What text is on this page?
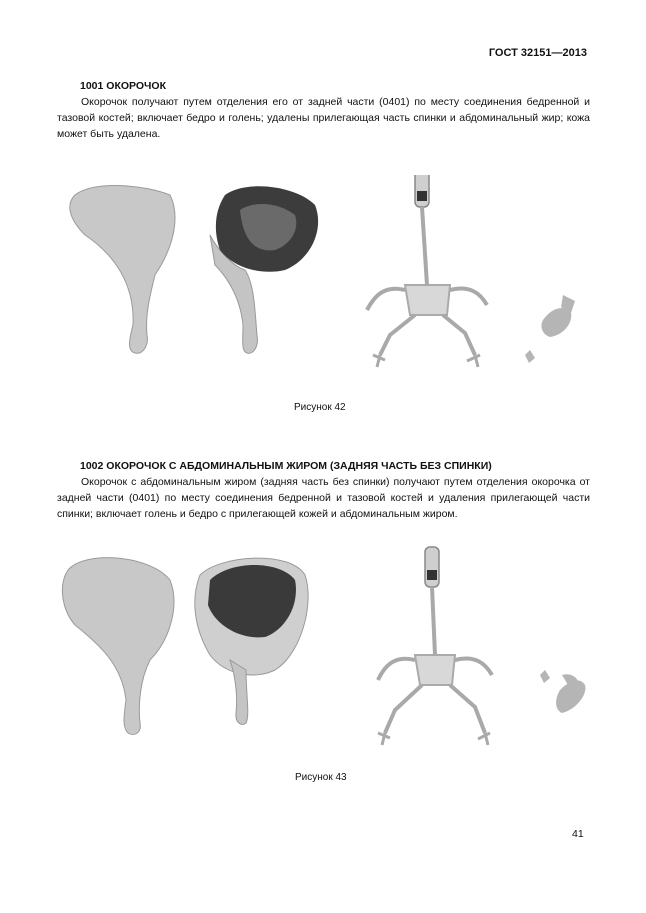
ГОСТ 32151—2013
1001 ОКОРОЧОК
Окорочок получают путем отделения его от задней части (0401) по месту соединения бедренной и тазовой костей; включает бедро и голень; удалены прилегающая часть спинки и абдоминальный жир; кожа может быть удалена.
Рисунок 42
1002 ОКОРОЧОК С АБДОМИНАЛЬНЫМ ЖИРОМ (ЗАДНЯЯ ЧАСТЬ БЕЗ СПИНКИ)
Окорочок с абдоминальным жиром (задняя часть без спинки) получают путем отделения окорочка от задней части (0401) по месту соединения бедренной и тазовой костей и удаления прилегающей части спинки; включает голень и бедро с прилегающей кожей и абдоминальным жиром.
Рисунок 43
41
